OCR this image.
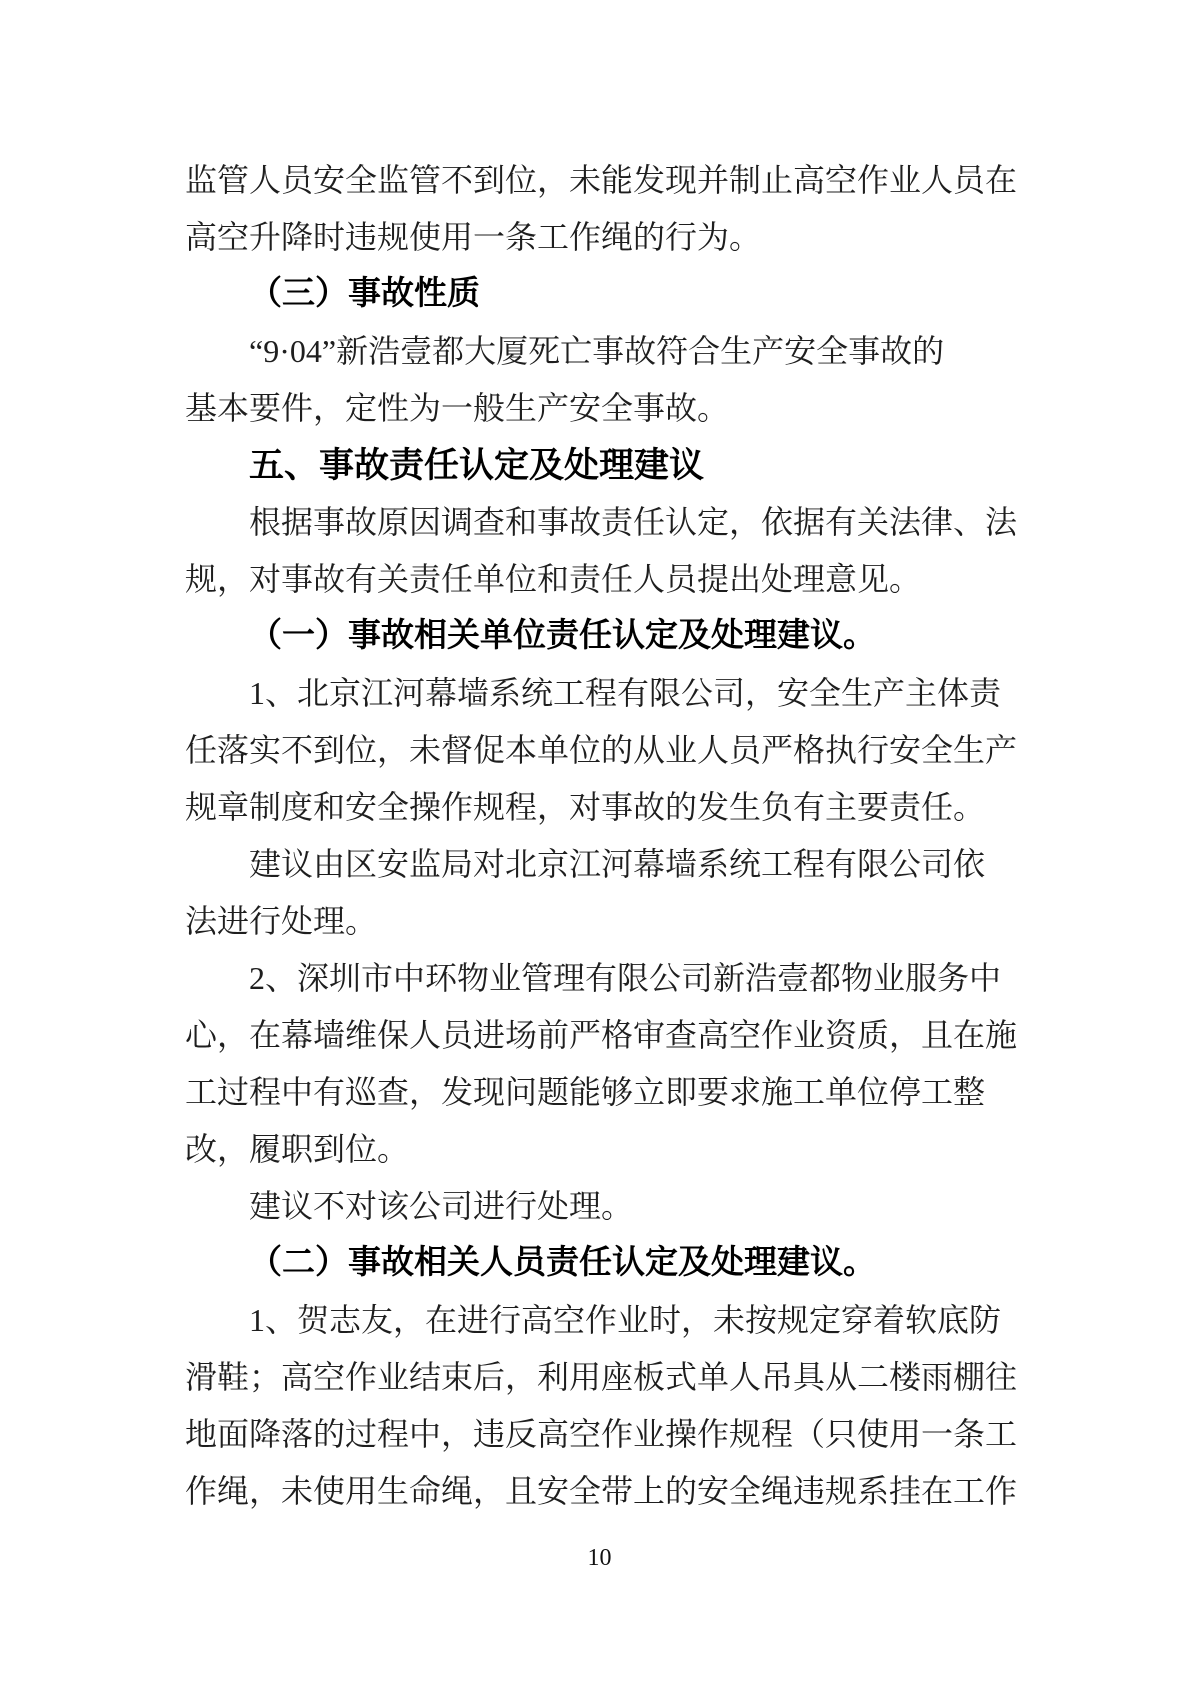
监管人员安全监管不到位，未能发现并制止高空作业人员在
高空升降时违规使用一条工作绳的行为。
（三）事故性质
“9·04”新浩壹都大厦死亡事故符合生产安全事故的
基本要件，定性为一般生产安全事故。
五、事故责任认定及处理建议
根据事故原因调查和事故责任认定，依据有关法律、法
规，对事故有关责任单位和责任人员提出处理意见。
（一）事故相关单位责任认定及处理建议。
1、北京江河幕墙系统工程有限公司，安全生产主体责
任落实不到位，未督促本单位的从业人员严格执行安全生产
规章制度和安全操作规程，对事故的发生负有主要责任。
建议由区安监局对北京江河幕墙系统工程有限公司依
法进行处理。
2、深圳市中环物业管理有限公司新浩壹都物业服务中
心，在幕墙维保人员进场前严格审查高空作业资质，且在施
工过程中有巡查，发现问题能够立即要求施工单位停工整
改，履职到位。
建议不对该公司进行处理。
（二）事故相关人员责任认定及处理建议。
1、贺志友，在进行高空作业时，未按规定穿着软底防
滑鞋；高空作业结束后，利用座板式单人吊具从二楼雨棚往
地面降落的过程中，违反高空作业操作规程（只使用一条工
作绳，未使用生命绳，且安全带上的安全绳违规系挂在工作
10
